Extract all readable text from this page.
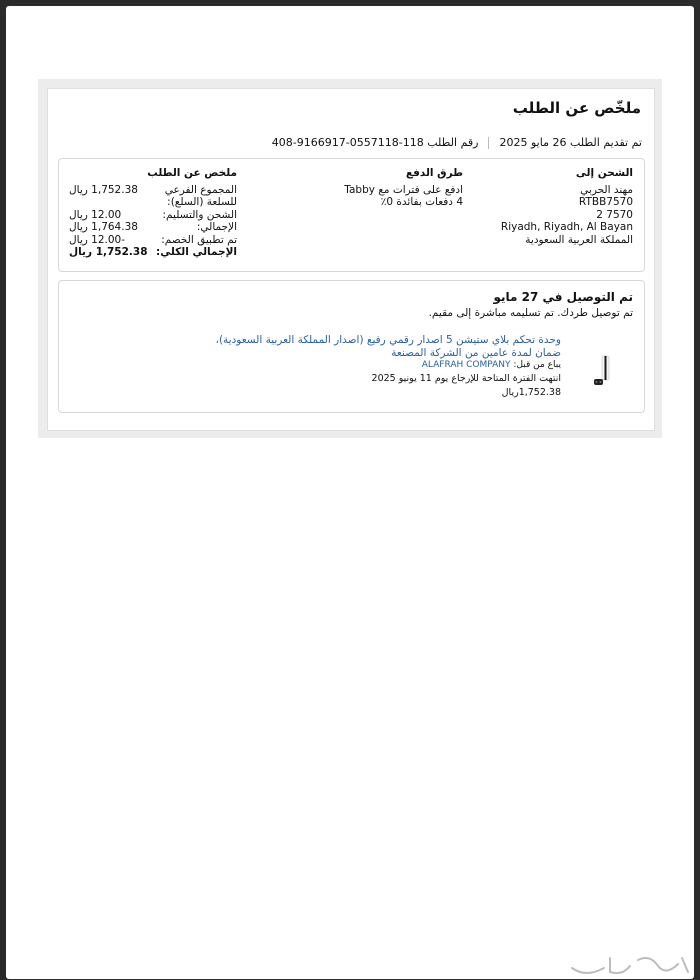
ملخّص عن الطلب
تم تقديم الطلب 26 مايو 2025
رقم الطلب 118-0557118-9166917-408
الشحن إلى
مهند الحربي
RTBB7570
7570 2
Riyadh, Riyadh, Al Bayan
المملكة العربية السعودية
طرق الدفع
ادفع على فترات مع Tabby
4 دفعات بفائدة 0٪
ملخص عن الطلب
المجموع الفرعي للسلعة (السلع):
1,752.38 ريال
الشحن والتسليم:
12.00 ريال
الإجمالي:
1,764.38 ريال
تم تطبيق الخصم:
-12.00 ريال
الإجمالي الكلي:
1,752.38 ريال
تم التوصيل في 27 مايو
تم توصيل طردك. تم تسليمه مباشرة إلى مقيم.
وحدة تحكم بلاي ستيشن 5 اصدار رقمي رفيع (اصدار المملكة العربية السعودية)،
ضمان لمدة عامين من الشركة المصنعة
يباع من قبل: ALAFRAH COMPANY
انتهت الفترة المتاحة للإرجاع يوم 11 يونيو 2025
1,752.38ريال
